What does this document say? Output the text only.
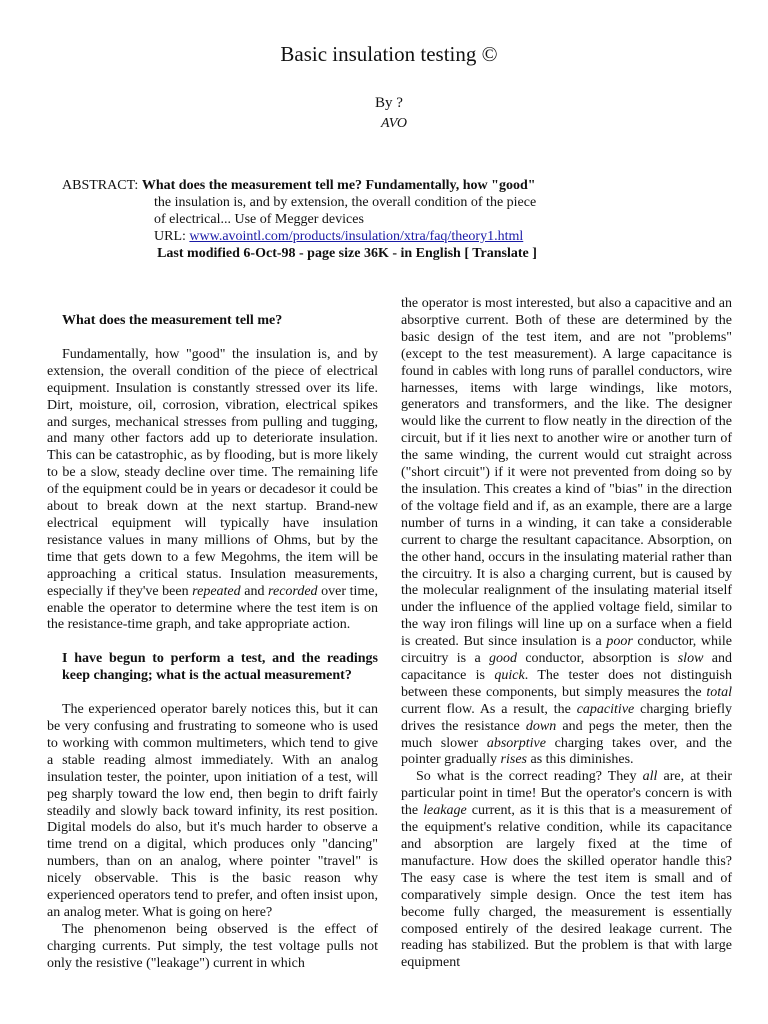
Basic insulation testing ©
By ?
AVO
ABSTRACT: What does the measurement tell me? Fundamentally, how "good"
the insulation is, and by extension, the overall condition of the piece
of electrical... Use of Megger devices
URL: www.avointl.com/products/insulation/xtra/faq/theory1.html
Last modified 6-Oct-98 - page size 36K - in English [ Translate ]
What does the measurement tell me?

Fundamentally, how "good" the insulation is, and by extension, the overall condition of the piece of electrical equipment. Insulation is constantly stressed over its life. Dirt, moisture, oil, corrosion, vibration, electrical spikes and surges, mechanical stresses from pulling and tugging, and many other factors add up to deteriorate insulation. This can be catastrophic, as by flooding, but is more likely to be a slow, steady decline over time. The remaining life of the equipment could be in years or decadesor it could be about to break down at the next startup. Brand-new electrical equipment will typically have insulation resistance values in many millions of Ohms, but by the time that gets down to a few Megohms, the item will be approaching a critical status. Insulation measurements, especially if they've been repeated and recorded over time, enable the operator to determine where the test item is on the resistance-time graph, and take appropriate action.

I have begun to perform a test, and the readings keep changing; what is the actual measurement?

The experienced operator barely notices this, but it can be very confusing and frustrating to someone who is used to working with common multimeters, which tend to give a stable reading almost immediately. With an analog insulation tester, the pointer, upon initiation of a test, will peg sharply toward the low end, then begin to drift fairly steadily and slowly back toward infinity, its rest position. Digital models do also, but it's much harder to observe a time trend on a digital, which produces only "dancing" numbers, than on an analog, where pointer "travel" is nicely observable. This is the basic reason why experienced operators tend to prefer, and often insist upon, an analog meter. What is going on here?

The phenomenon being observed is the effect of charging currents. Put simply, the test voltage pulls not only the resistive ("leakage") current in which

the operator is most interested, but also a capacitive and an absorptive current. Both of these are determined by the basic design of the test item, and are not "problems" (except to the test measurement). A large capacitance is found in cables with long runs of parallel conductors, wire harnesses, items with large windings, like motors, generators and transformers, and the like. The designer would like the current to flow neatly in the direction of the circuit, but if it lies next to another wire or another turn of the same winding, the current would cut straight across ("short circuit") if it were not prevented from doing so by the insulation. This creates a kind of "bias" in the direction of the voltage field and if, as an example, there are a large number of turns in a winding, it can take a considerable current to charge the resultant capacitance. Absorption, on the other hand, occurs in the insulating material rather than the circuitry. It is also a charging current, but is caused by the molecular realignment of the insulating material itself under the influence of the applied voltage field, similar to the way iron filings will line up on a surface when a field is created. But since insulation is a poor conductor, while circuitry is a good conductor, absorption is slow and capacitance is quick. The tester does not distinguish between these components, but simply measures the total current flow. As a result, the capacitive charging briefly drives the resistance down and pegs the meter, then the much slower absorptive charging takes over, and the pointer gradually rises as this diminishes.

So what is the correct reading? They all are, at their particular point in time! But the operator's concern is with the leakage current, as it is this that is a measurement of the equipment's relative condition, while its capacitance and absorption are largely fixed at the time of manufacture. How does the skilled operator handle this? The easy case is where the test item is small and of comparatively simple design. Once the test item has become fully charged, the measurement is essentially composed entirely of the desired leakage current. The reading has stabilized. But the problem is that with large equipment
